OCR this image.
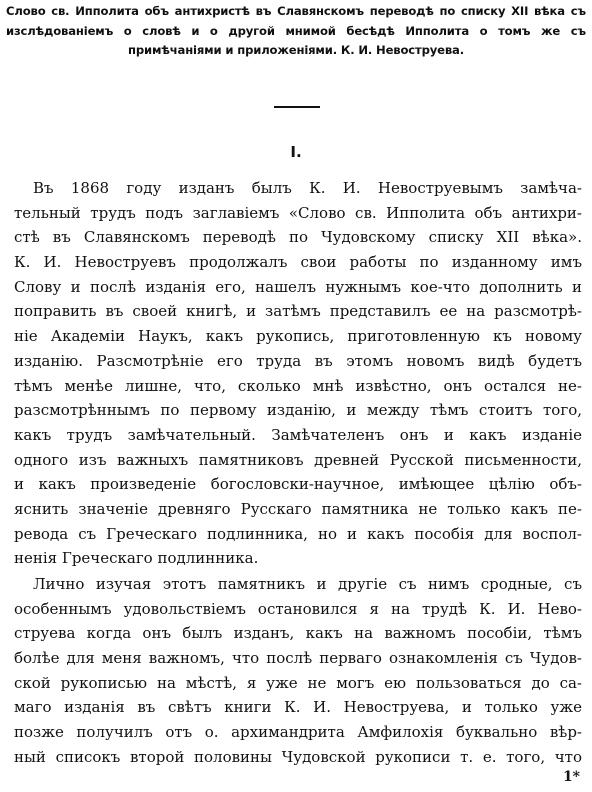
Слово св. Ипполита объ антихристѣ въ Славянскомъ переводѣ по списку XII вѣка съ изслѣдованіемъ о словѣ и о другой мнимой бесѣдѣ Ипполита о томъ же съ примѣчаніями и приложеніями. К. И. Невоструева.
I.
Въ 1868 году изданъ былъ К. И. Невоструевымъ замѣча-
тельный трудъ подъ заглавіемъ «Слово св. Ипполита объ антихри-
стѣ въ Славянскомъ переводѣ по Чудовскому списку XII вѣка».
К. И. Невоструевъ продолжалъ свои работы по изданному имъ
Слову и послѣ изданія его, нашелъ нужнымъ кое-что дополнить и
поправить въ своей книгѣ, и затѣмъ представилъ ее на разсмотрѣ-
ніе Академіи Наукъ, какъ рукопись, приготовленную къ новому
изданію. Разсмотрѣніе его труда въ этомъ новомъ видѣ будетъ
тѣмъ менѣе лишне, что, сколько мнѣ извѣстно, онъ остался не-
разсмотрѣннымъ по первому изданію, и между тѣмъ стоитъ того,
какъ трудъ замѣчательный. Замѣчателенъ онъ и какъ изданіе
одного изъ важныхъ памятниковъ древней Русской письменности,
и какъ произведеніе богословски-научное, имѣющее цѣлію объ-
яснить значеніе древняго Русскаго памятника не только какъ пе-
ревода съ Греческаго подлинника, но и какъ пособія для воспол-
ненія Греческаго подлинника.
Лично изучая этотъ памятникъ и другіе съ нимъ сродные, съ
особеннымъ удовольствіемъ остановился я на трудѣ К. И. Нево-
струева когда онъ былъ изданъ, какъ на важномъ пособіи, тѣмъ
болѣе для меня важномъ, что послѣ перваго ознакомленія съ Чудов-
ской рукописью на мѣстѣ, я уже не могъ ею пользоваться до са-
маго изданія въ свѣтъ книги К. И. Невоструева, и только уже
позже получилъ отъ о. архимандрита Амфилохія буквально вѣр-
ный списокъ второй половины Чудовской рукописи т. е. того, что
1*
